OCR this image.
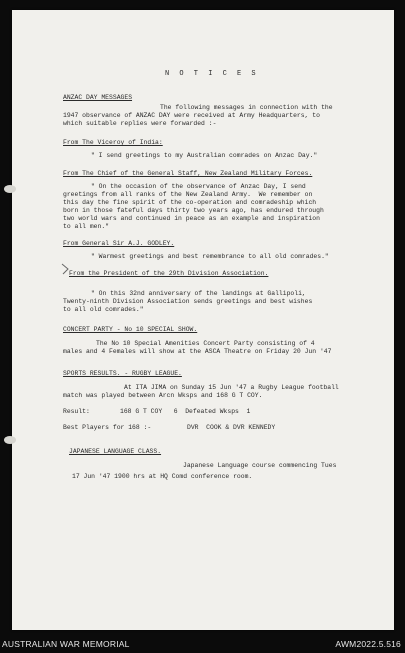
N O T I C E S
ANZAC DAY MESSAGES
The following messages in connection with the
1947 observance of ANZAC DAY were received at Army Headquarters, to
which suitable replies were forwarded :-
From The Viceroy of India:
" I send greetings to my Australian comrades on Anzac Day."
From The Chief of the General Staff, New Zealand Military Forces.
" On the occasion of the observance of Anzac Day, I send
greetings from all ranks of the New Zealand Army.  We remember on
this day the fine spirit of the co-operation and comradeship which
born in those fateful days thirty two years ago, has endured through
two world wars and continued in peace as an example and inspiration
to all men."
From General Sir A.J. GODLEY.
" Warmest greetings and best remembrance to all old comrades."
From the President of the 29th Division Association.
" On this 32nd anniversary of the landings at Gallipoli,
Twenty-ninth Division Association sends greetings and best wishes
to all old comrades."
CONCERT PARTY - No 10 SPECIAL SHOW.
The No 10 Special Amenities Concert Party consisting of 4
males and 4 Females will show at the ASCA Theatre on Friday 20 Jun '47
SPORTS RESULTS. - RUGBY LEAGUE.
At ITA JIMA on Sunday 15 Jun '47 a Rugby League football
match was played between Arcn Wksps and 168 G T COY.
Result:	168 G T COY   6  Defeated Wksps  1
Best Players for 168 :-	DVR  COOK & DVR KENNEDY
JAPANESE LANGUAGE CLASS.
Japanese Language course commencing Tues
17 Jun '47 1900 hrs at HQ Comd conference room.
AUSTRALIAN WAR MEMORIAL	AWM2022.5.516
